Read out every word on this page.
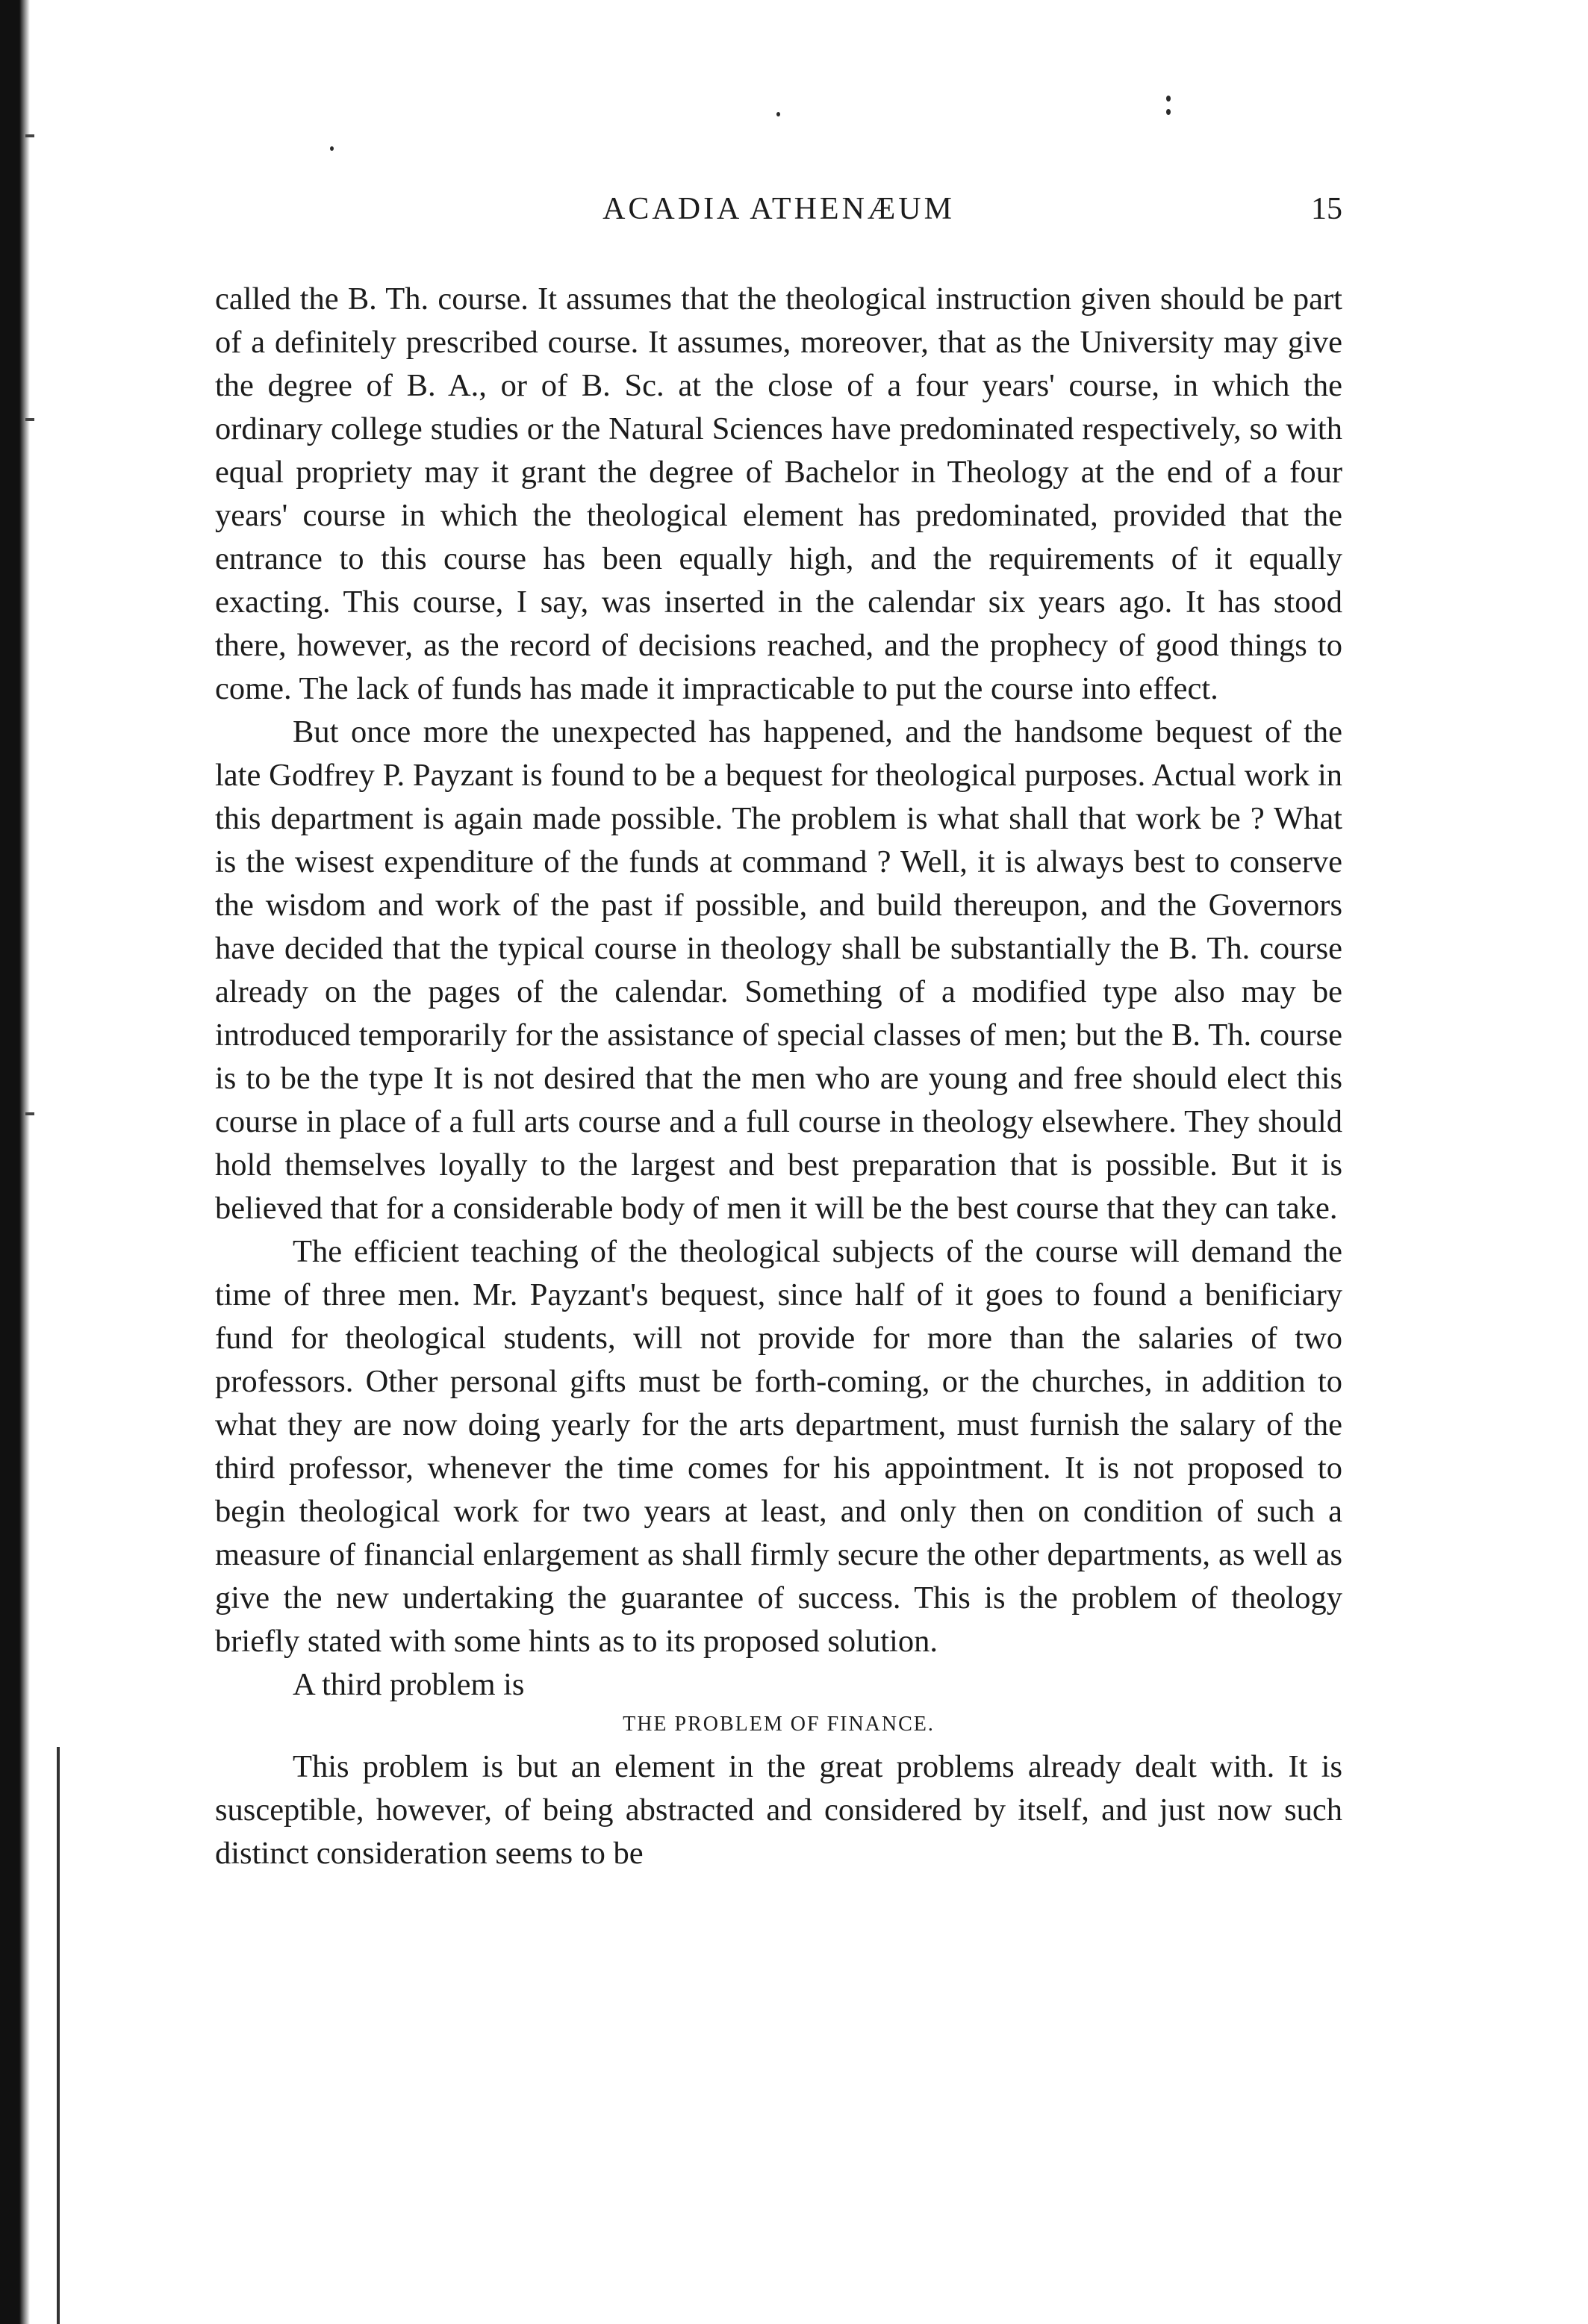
ACADIA ATHENÆUM	15

called the B. Th. course. It assumes that the theological instruction given should be part of a definitely prescribed course. It assumes, moreover, that as the University may give the degree of B. A., or of B. Sc. at the close of a four years' course, in which the ordinary college studies or the Natural Sciences have predominated respectively, so with equal propriety may it grant the degree of Bachelor in Theology at the end of a four years' course in which the theological element has predominated, provided that the entrance to this course has been equally high, and the requirements of it equally exacting. This course, I say, was inserted in the calendar six years ago. It has stood there, however, as the record of decisions reached, and the prophecy of good things to come. The lack of funds has made it impracticable to put the course into effect.

But once more the unexpected has happened, and the handsome bequest of the late Godfrey P. Payzant is found to be a bequest for theological purposes. Actual work in this department is again made possible. The problem is what shall that work be ? What is the wisest expenditure of the funds at command ? Well, it is always best to conserve the wisdom and work of the past if possible, and build thereupon, and the Governors have decided that the typical course in theology shall be substantially the B. Th. course already on the pages of the calendar. Something of a modified type also may be introduced temporarily for the assistance of special classes of men; but the B. Th. course is to be the type It is not desired that the men who are young and free should elect this course in place of a full arts course and a full course in theology elsewhere. They should hold themselves loyally to the largest and best preparation that is possible. But it is believed that for a considerable body of men it will be the best course that they can take.

The efficient teaching of the theological subjects of the course will demand the time of three men. Mr. Payzant's bequest, since half of it goes to found a benificiary fund for theological students, will not provide for more than the salaries of two professors. Other personal gifts must be forth-coming, or the churches, in addition to what they are now doing yearly for the arts department, must furnish the salary of the third professor, whenever the time comes for his appointment. It is not proposed to begin theological work for two years at least, and only then on condition of such a measure of financial enlargement as shall firmly secure the other departments, as well as give the new undertaking the guarantee of success. This is the problem of theology briefly stated with some hints as to its proposed solution.

A third problem is

THE PROBLEM OF FINANCE.

This problem is but an element in the great problems already dealt with. It is susceptible, however, of being abstracted and considered by itself, and just now such distinct consideration seems to be
